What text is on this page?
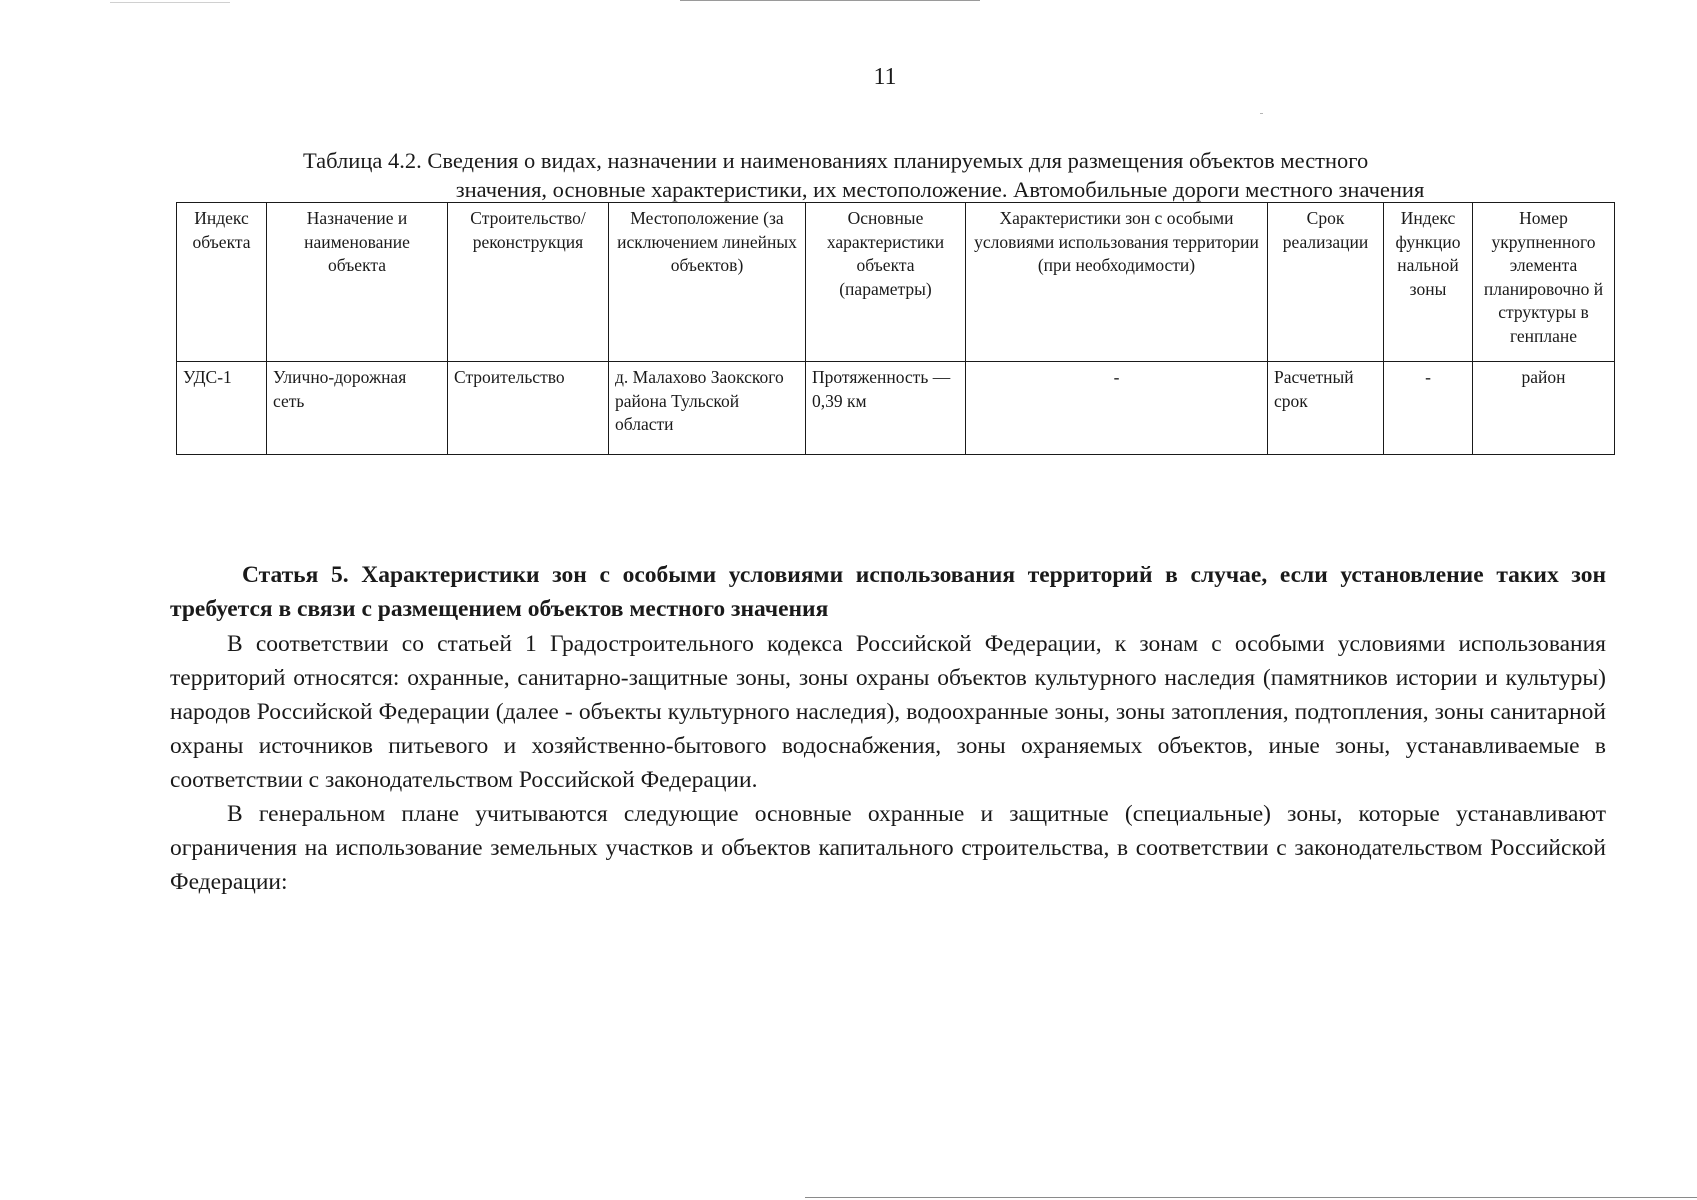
11
Таблица 4.2. Сведения о видах, назначении и наименованиях планируемых для размещения объектов местного
значения, основные характеристики, их местоположение. Автомобильные дороги местного значения
Индекс объекта	Назначение и наименование объекта	Строительство/ реконструкция	Местоположение (за исключением линейных объектов)	Основные характеристики объекта (параметры)	Характеристики зон с особыми условиями использования территории (при необходимости)	Срок реализации	Индекс функцио нальной зоны	Номер укрупненного элемента планировочно й структуры в генплане
УДС-1	Улично-дорожная сеть	Строительство	д. Малахово Заокского района Тульской области	Протяженность — 0,39 км	-	Расчетный срок	-	район
Статья 5. Характеристики зон с особыми условиями использования территорий в случае, если установление таких зон требуется в связи с размещением объектов местного значения
В соответствии со статьей 1 Градостроительного кодекса Российской Федерации, к зонам с особыми условиями использования территорий относятся: охранные, санитарно-защитные зоны, зоны охраны объектов культурного наследия (памятников истории и культуры) народов Российской Федерации (далее - объекты культурного наследия), водоохранные зоны, зоны затопления, подтопления, зоны санитарной охраны источников питьевого и хозяйственно-бытового водоснабжения, зоны охраняемых объектов, иные зоны, устанавливаемые в соответствии с законодательством Российской Федерации.
В генеральном плане учитываются следующие основные охранные и защитные (специальные) зоны, которые устанавливают ограничения на использование земельных участков и объектов капитального строительства, в соответствии с законодательством Российской Федерации:
